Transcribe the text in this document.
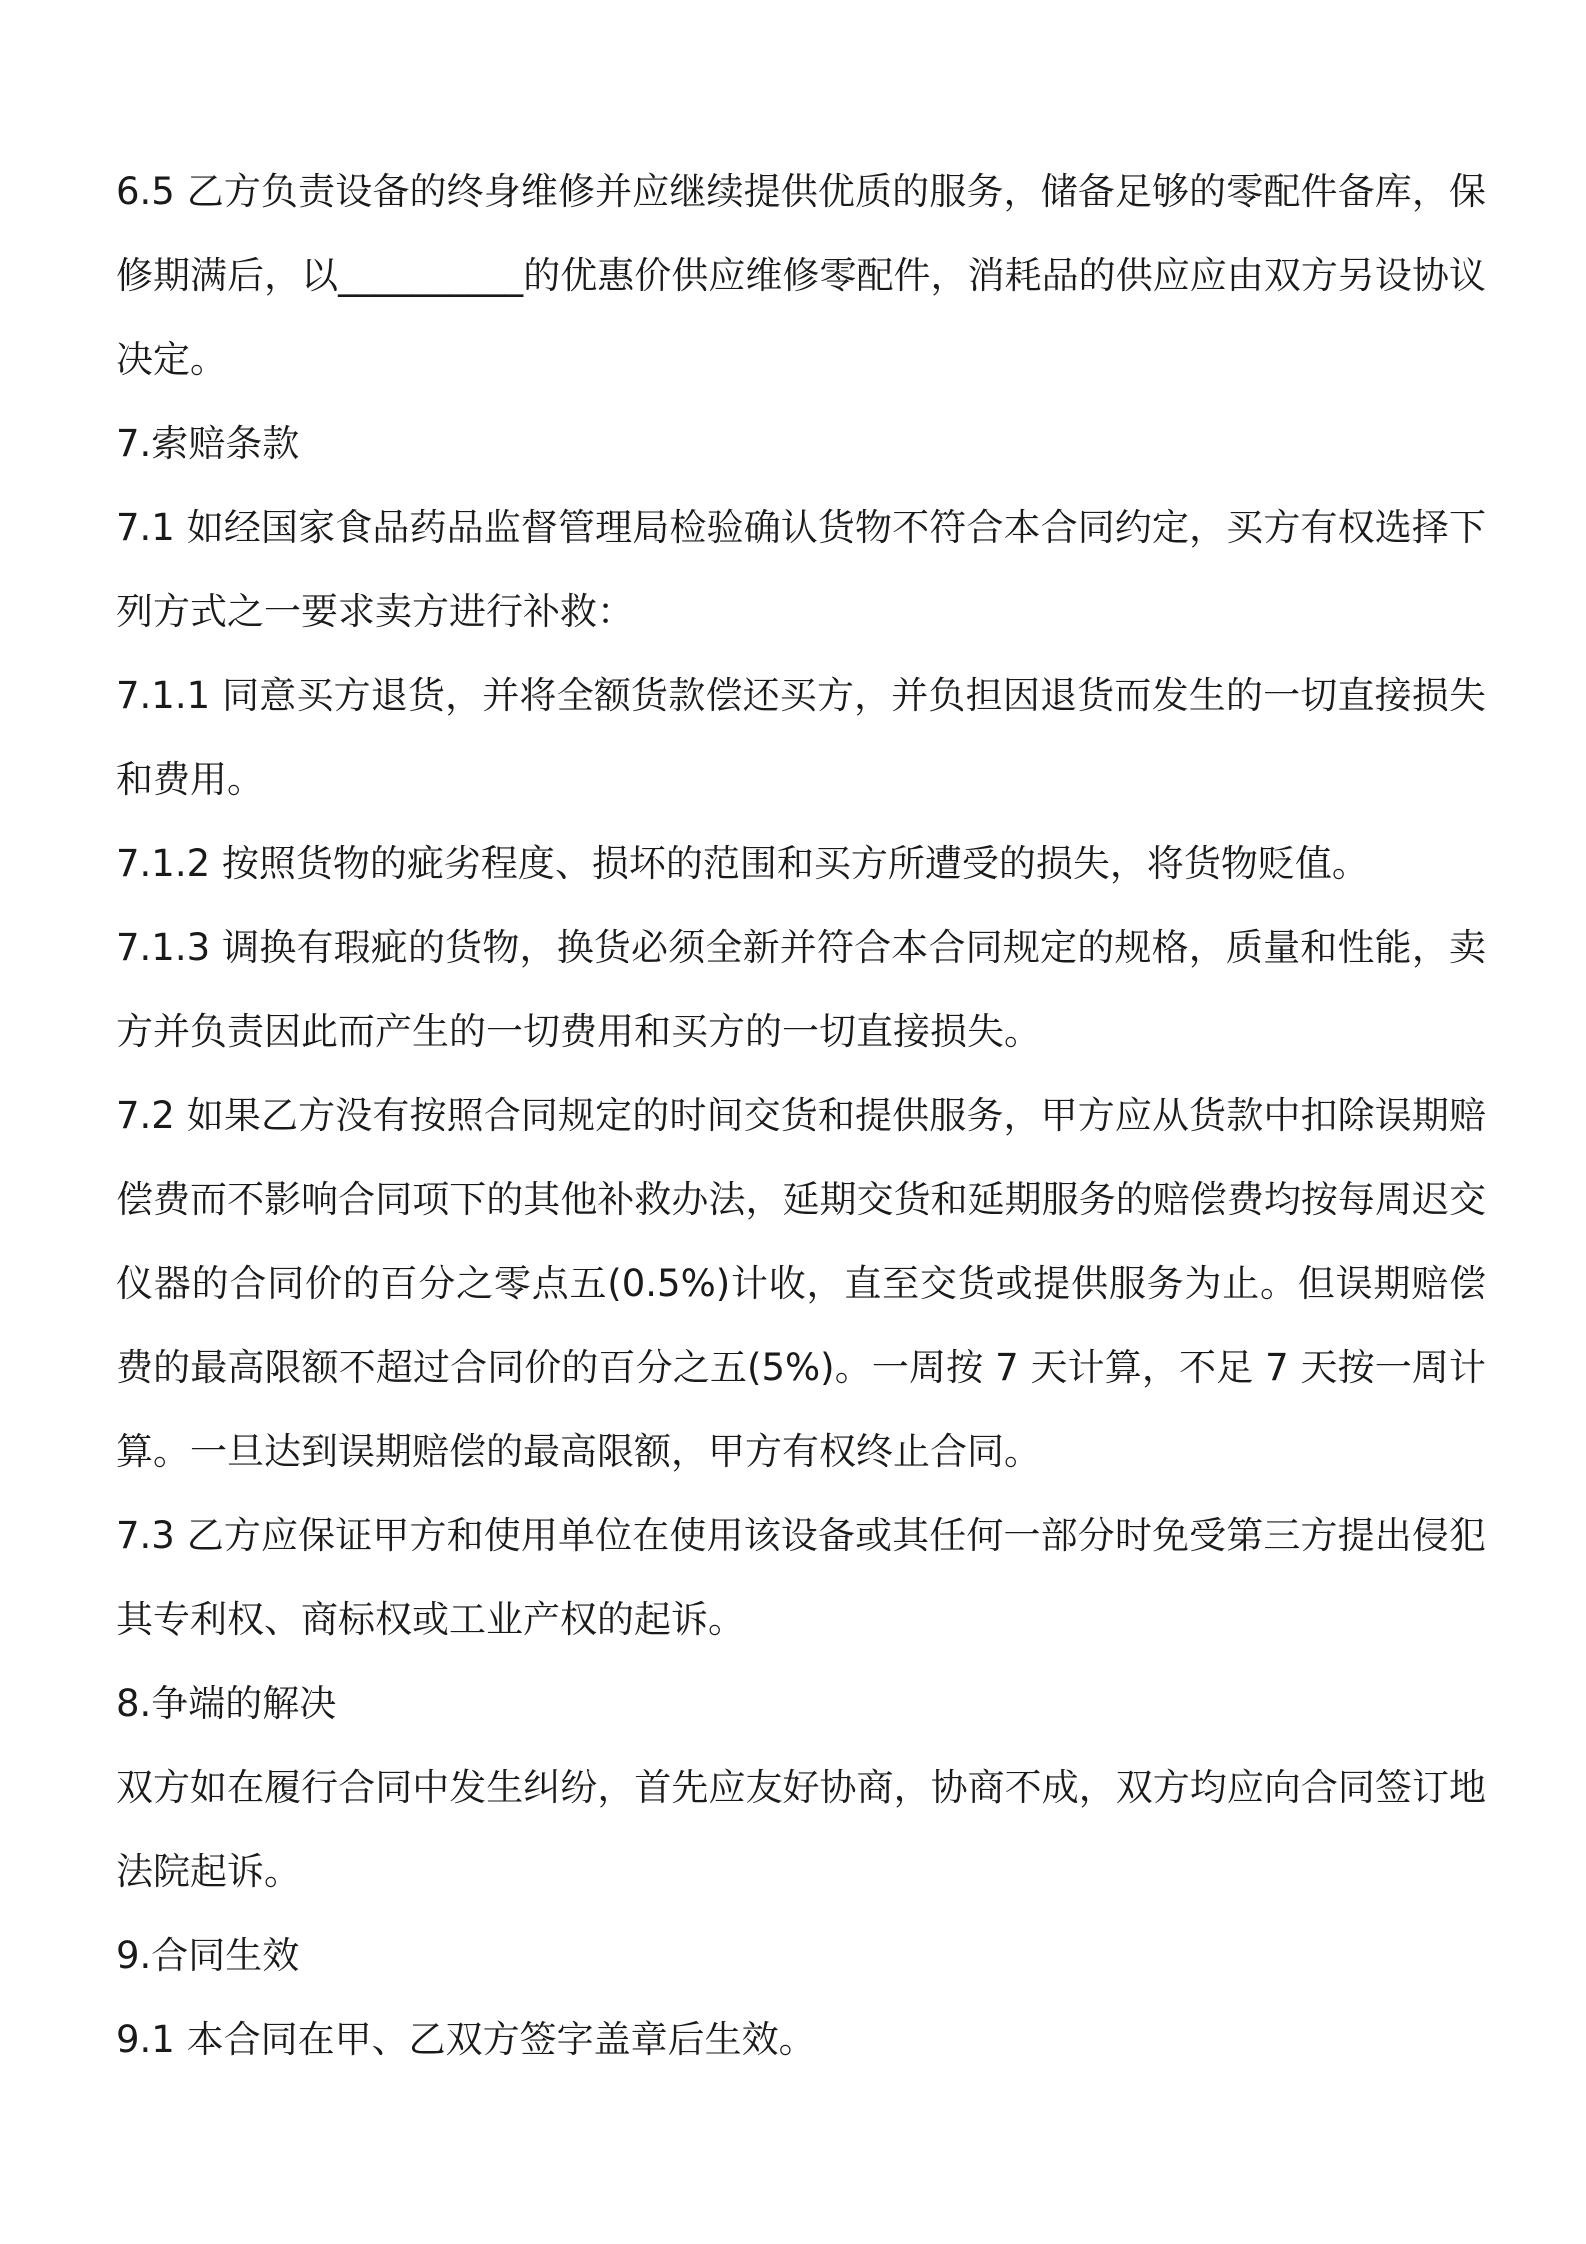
6.5 乙方负责设备的终身维修并应继续提供优质的服务，储备足够的零配件备库，保修期满后，以__________的优惠价供应维修零配件，消耗品的供应应由双方另设协议决定。

7.索赔条款

7.1 如经国家食品药品监督管理局检验确认货物不符合本合同约定，买方有权选择下列方式之一要求卖方进行补救：

7.1.1 同意买方退货，并将全额货款偿还买方，并负担因退货而发生的一切直接损失和费用。

7.1.2 按照货物的疵劣程度、损坏的范围和买方所遭受的损失，将货物贬值。

7.1.3 调换有瑕疵的货物，换货必须全新并符合本合同规定的规格，质量和性能，卖方并负责因此而产生的一切费用和买方的一切直接损失。

7.2 如果乙方没有按照合同规定的时间交货和提供服务，甲方应从货款中扣除误期赔偿费而不影响合同项下的其他补救办法，延期交货和延期服务的赔偿费均按每周迟交仪器的合同价的百分之零点五(0.5%)计收，直至交货或提供服务为止。但误期赔偿费的最高限额不超过合同价的百分之五(5%)。一周按 7 天计算，不足 7 天按一周计算。一旦达到误期赔偿的最高限额，甲方有权终止合同。

7.3 乙方应保证甲方和使用单位在使用该设备或其任何一部分时免受第三方提出侵犯其专利权、商标权或工业产权的起诉。

8.争端的解决

双方如在履行合同中发生纠纷，首先应友好协商，协商不成，双方均应向合同签订地法院起诉。

9.合同生效

9.1 本合同在甲、乙双方签字盖章后生效。
